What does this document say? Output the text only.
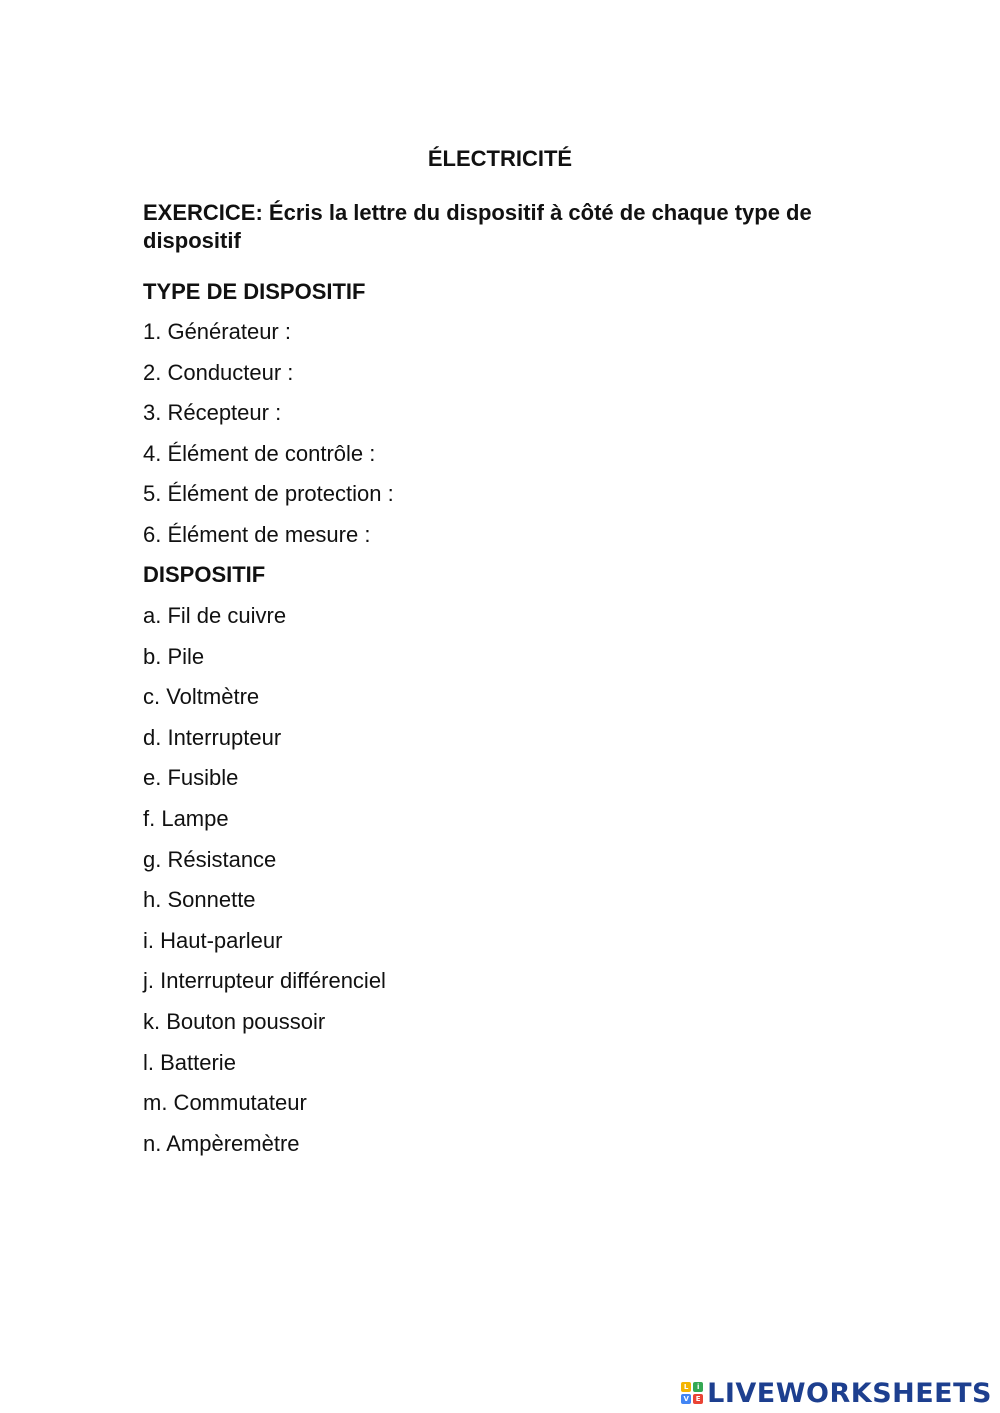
ÉLECTRICITÉ
EXERCICE: Écris la lettre du dispositif à côté de chaque type de dispositif
TYPE DE DISPOSITIF
1. Générateur :
2. Conducteur :
3. Récepteur :
4. Élément de contrôle :
5. Élément de protection :
6. Élément de mesure :
DISPOSITIF
a. Fil de cuivre
b. Pile
c. Voltmètre
d. Interrupteur
e. Fusible
f. Lampe
g. Résistance
h. Sonnette
i. Haut-parleur
j. Interrupteur différenciel
k. Bouton poussoir
l. Batterie
m. Commutateur
n. Ampèremètre
L	i
V E LIVEWORKSHEETS
